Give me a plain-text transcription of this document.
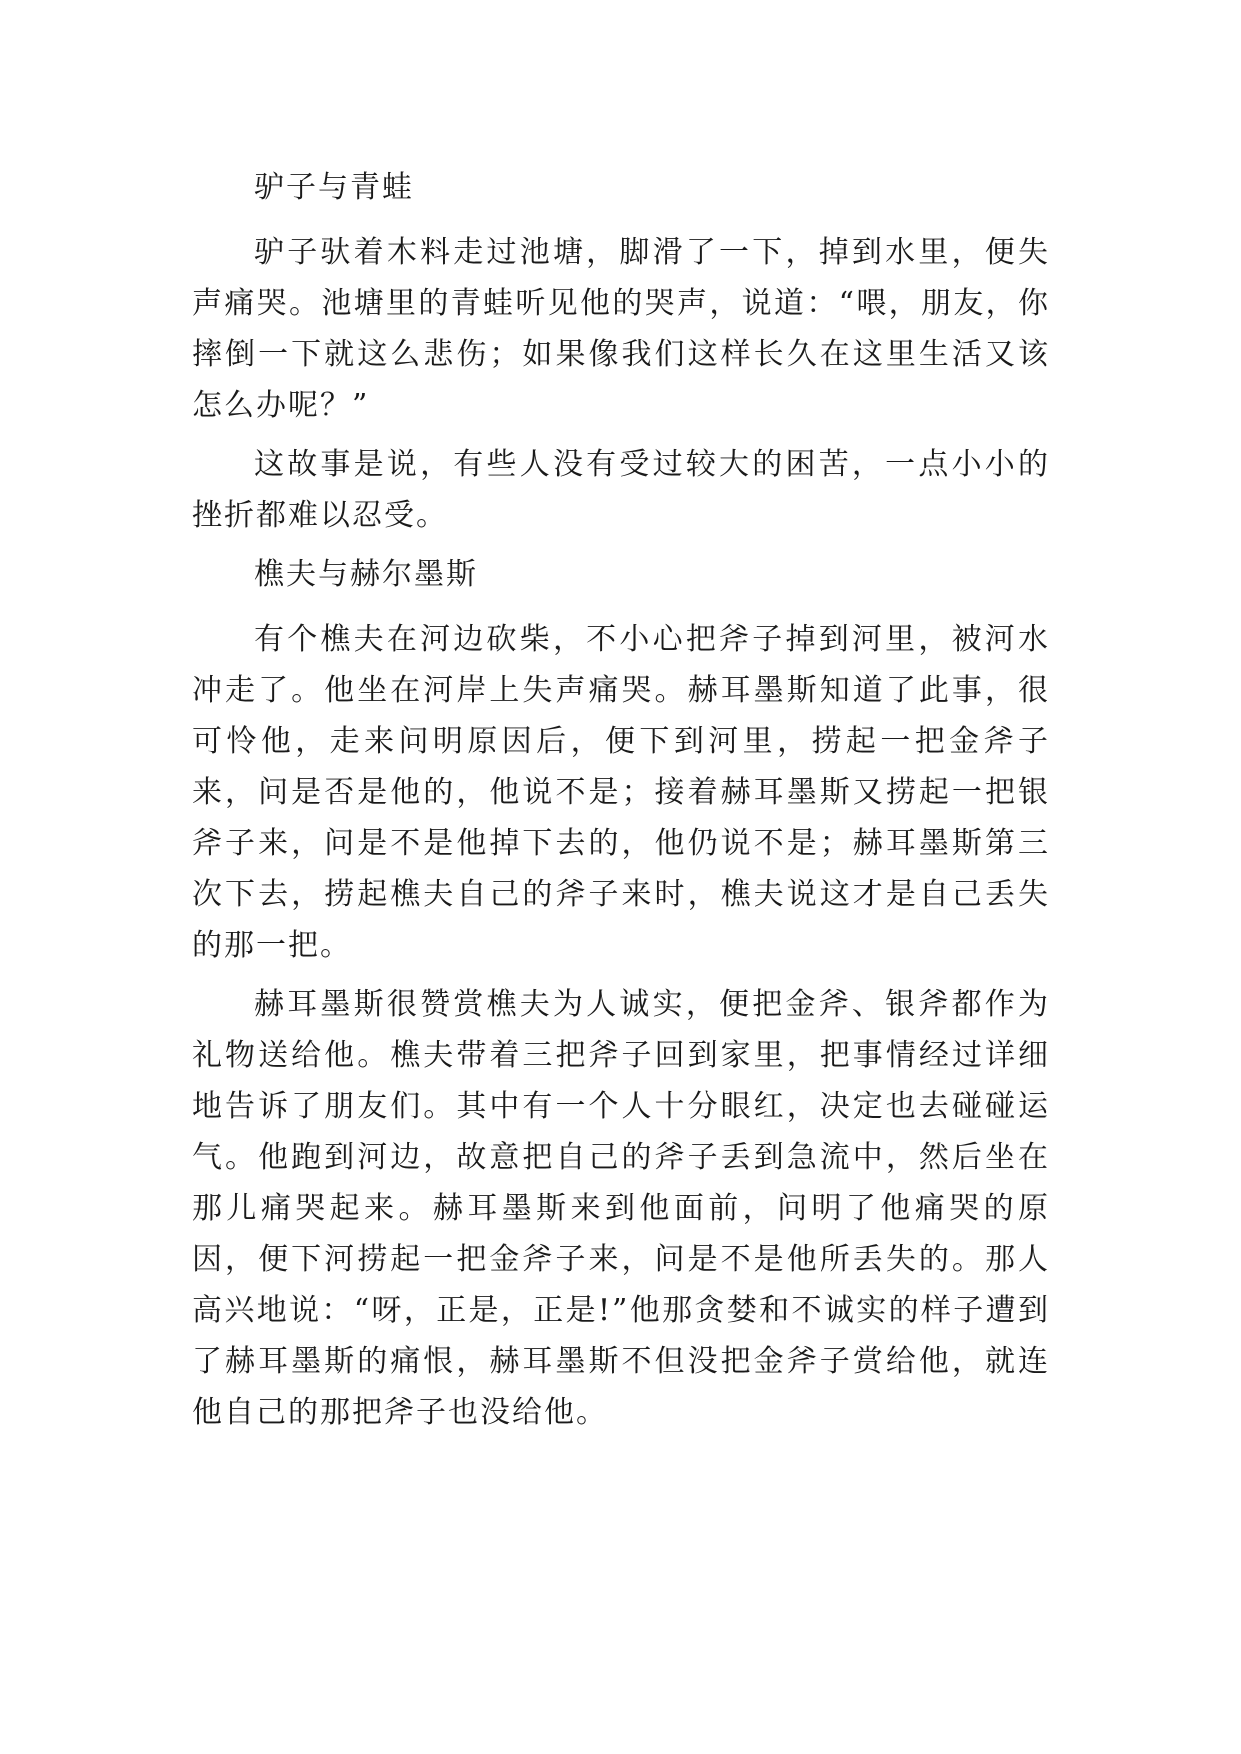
驴子与青蛙

驴子驮着木料走过池塘，脚滑了一下，掉到水里，便失声痛哭。池塘里的青蛙听见他的哭声，说道：“喂，朋友，你摔倒一下就这么悲伤；如果像我们这样长久在这里生活又该怎么办呢？”

这故事是说，有些人没有受过较大的困苦，一点小小的挫折都难以忍受。

樵夫与赫尔墨斯

有个樵夫在河边砍柴，不小心把斧子掉到河里，被河水冲走了。他坐在河岸上失声痛哭。赫耳墨斯知道了此事，很可怜他，走来问明原因后，便下到河里，捞起一把金斧子来，问是否是他的，他说不是；接着赫耳墨斯又捞起一把银斧子来，问是不是他掉下去的，他仍说不是；赫耳墨斯第三次下去，捞起樵夫自己的斧子来时，樵夫说这才是自己丢失的那一把。

赫耳墨斯很赞赏樵夫为人诚实，便把金斧、银斧都作为礼物送给他。樵夫带着三把斧子回到家里，把事情经过详细地告诉了朋友们。其中有一个人十分眼红，决定也去碰碰运气。他跑到河边，故意把自己的斧子丢到急流中，然后坐在那儿痛哭起来。赫耳墨斯来到他面前，问明了他痛哭的原因，便下河捞起一把金斧子来，问是不是他所丢失的。那人高兴地说：“呀，正是，正是!”他那贪婪和不诚实的样子遭到了赫耳墨斯的痛恨，赫耳墨斯不但没把金斧子赏给他，就连他自己的那把斧子也没给他。
